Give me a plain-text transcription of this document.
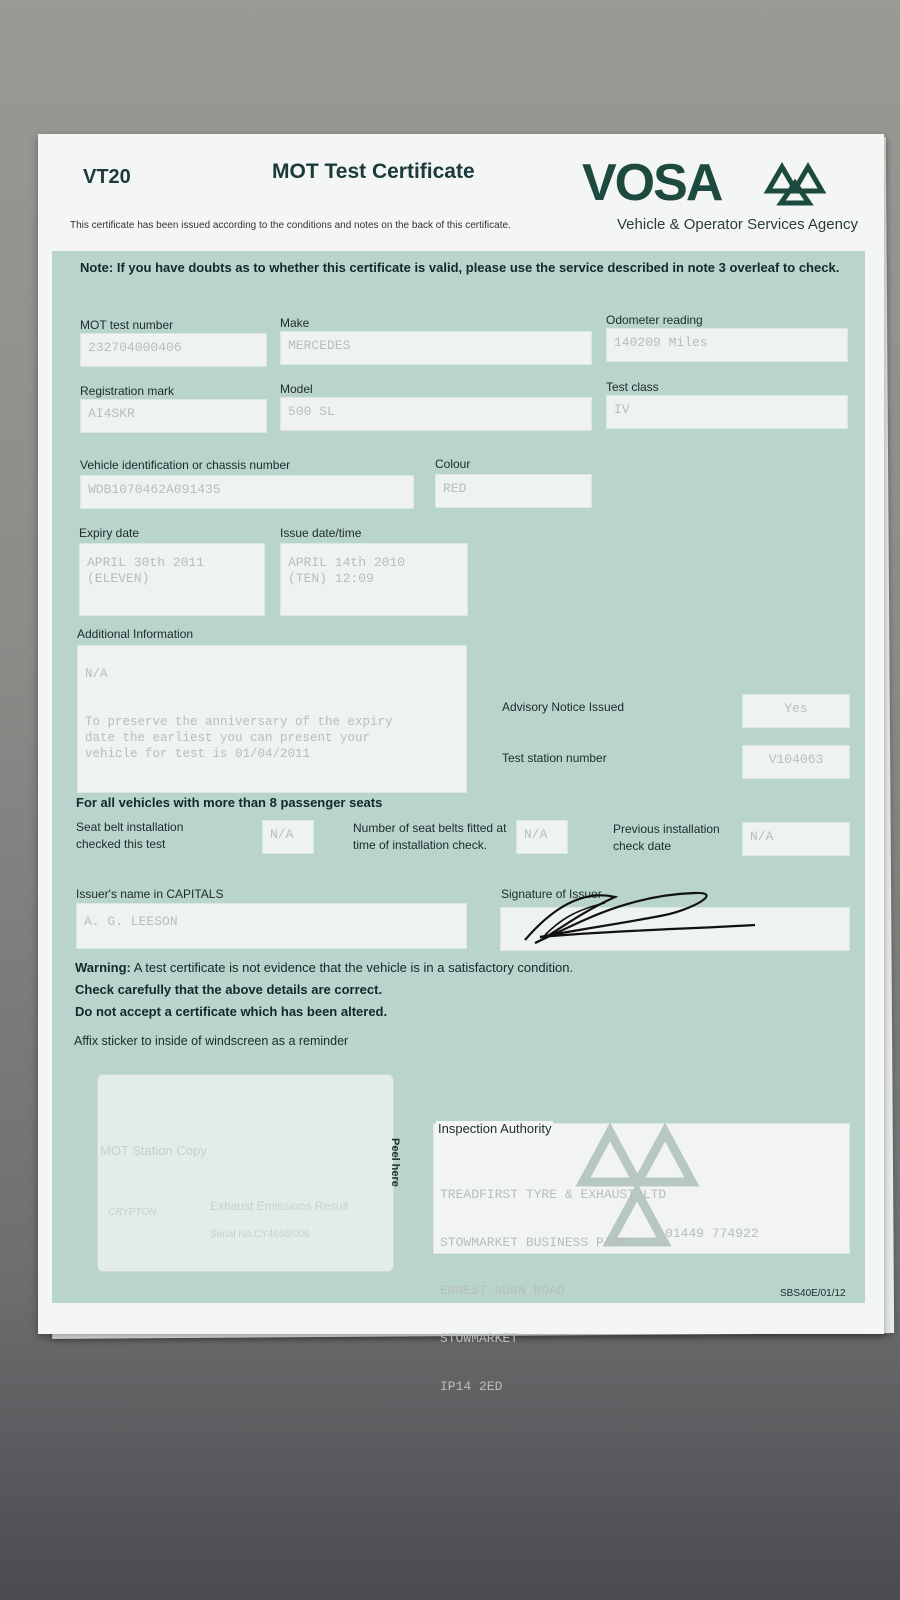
VT20	MOT Test Certificate
This certificate has been issued according to the conditions and notes on the back of this certificate.
VOSA
Vehicle & Operator Services Agency
Note: If you have doubts as to whether this certificate is valid, please use the service described in note 3 overleaf to check.
MOT test number
232704000406
Make
MERCEDES
Odometer reading
140209 Miles
Registration mark
AI4SKR
Model
500 SL
Test class
IV
Vehicle identification or chassis number
WDB1070462A091435
Colour
RED
Expiry date
APRIL 30th 2011
(ELEVEN)
Issue date/time
APRIL 14th 2010
(TEN) 12:09
Additional Information
N/A

To preserve the anniversary of the expiry
date the earliest you can present your
vehicle for test is 01/04/2011
Advisory Notice Issued	Yes
Test station number	V104063
For all vehicles with more than 8 passenger seats
Seat belt installation
checked this test
N/A	Number of seat belts fitted at
time of installation check.
N/A	Previous installation
check date
N/A
Issuer's name in CAPITALS
A. G. LEESON
Signature of Issuer
Warning: A test certificate is not evidence that the vehicle is in a satisfactory condition.
Check carefully that the above details are correct.
Do not accept a certificate which has been altered.
Affix sticker to inside of windscreen as a reminder
MOT Station Copy
Exhaust Emissions Result
CRYPTON
Serial No.CY4666/006
Peel here
Inspection Authority

TREADFIRST TYRE & EXHAUST LTD

STOWMARKET BUSINESS PARK

ERNEST NUNN ROAD

STOWMARKET

IP14 2ED

01449 774922
SBS40E/01/12
